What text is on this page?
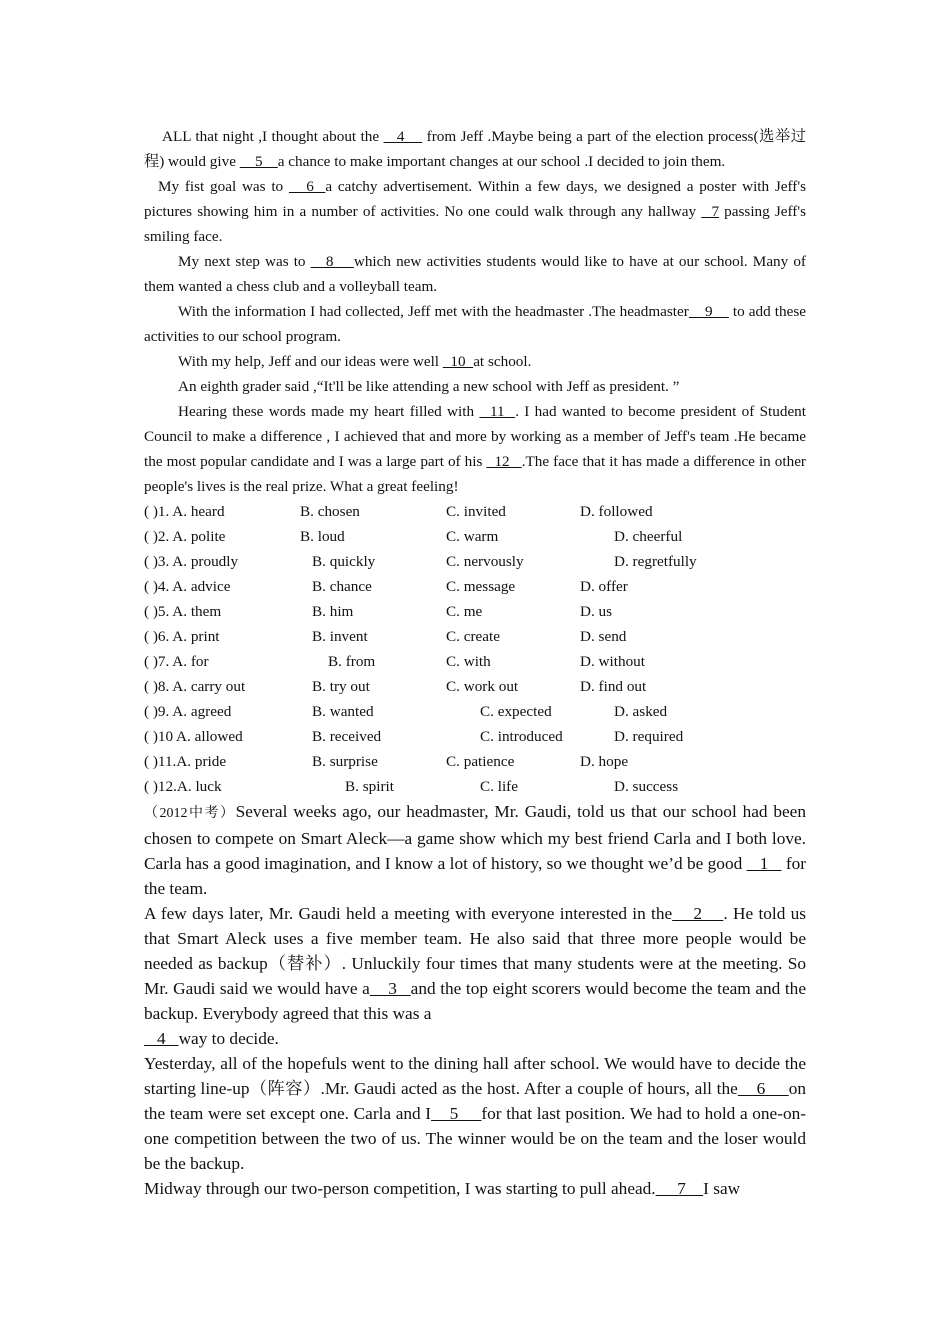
ALL that night ,I thought about the    4     from Jeff .Maybe being a part of the election process(选举过程) would give     5    a chance to make important changes at our school .I decided to join them.

My fist goal was to    6  a catchy advertisement. Within a few days, we designed a poster with Jeff's pictures showing him in a number of activities. No one could walk through any hallway   7 passing Jeff's smiling face.

My next step was to    8    which new activities students would like to have at our school. Many of them wanted a chess club and a volleyball team.

With the information I had collected, Jeff met with the headmaster .The headmaster    9     to add these activities to our school program.

With my help, Jeff and our ideas were well   10  at school.

An eighth grader said ,“It'll be like attending a new school with Jeff as president. ”

Hearing these words made my heart filled with   11  . I had wanted to become president of Student Council to make a difference , I achieved that and more by working as a member of Jeff's team .He became the most popular candidate and I was a large part of his   12   .The face that it has made a difference in other people's lives is the real prize. What a great feeling!

( )1. A. heard	B. chosen	C. invited	D. followed
( )2. A. polite	B. loud	C. warm	D. cheerful
( )3. A. proudly	B. quickly	C. nervously	D. regretfully
( )4. A. advice	B. chance	C. message	D. offer
( )5. A. them	B. him	C. me	D. us
( )6. A. print	B. invent	C. create	D. send
( )7. A. for	B. from	C. with	D. without
( )8. A. carry out	B. try out	C. work out	D. find out
( )9. A. agreed	B. wanted	C. expected	D. asked
( )10 A. allowed	B. received	C. introduced	D. required
( )11.A. pride	B. surprise	C. patience	D. hope
( )12.A. luck	B. spirit	C. life	D. success

（2012中考）Several weeks ago, our headmaster, Mr. Gaudi, told us that our school had been chosen to compete on Smart Aleck—a game show which my best friend Carla and I both love. Carla has a good imagination, and I know a lot of history, so we thought we’d be good    1    for the team.

A few days later, Mr. Gaudi held a meeting with everyone interested in the    2    . He told us that Smart Aleck uses a five member team. He also said that three more people would be needed as backup（替补）. Unluckily four times that many students were at the meeting. So Mr. Gaudi said we would have a    3   and the top eight scorers would become the team and the backup. Everybody agreed that this was a
4   way to decide.

Yesterday, all of the hopefuls went to the dining hall after school. We would have to decide the starting line-up（阵容）.Mr. Gaudi acted as the host. After a couple of hours, all the    6     on the team were set except one. Carla and I    5     for that last position. We had to hold a one-on-one competition between the two of us. The winner would be on the team and the loser would be the backup.

Midway through our two-person competition, I was starting to pull ahead.     7    I saw
